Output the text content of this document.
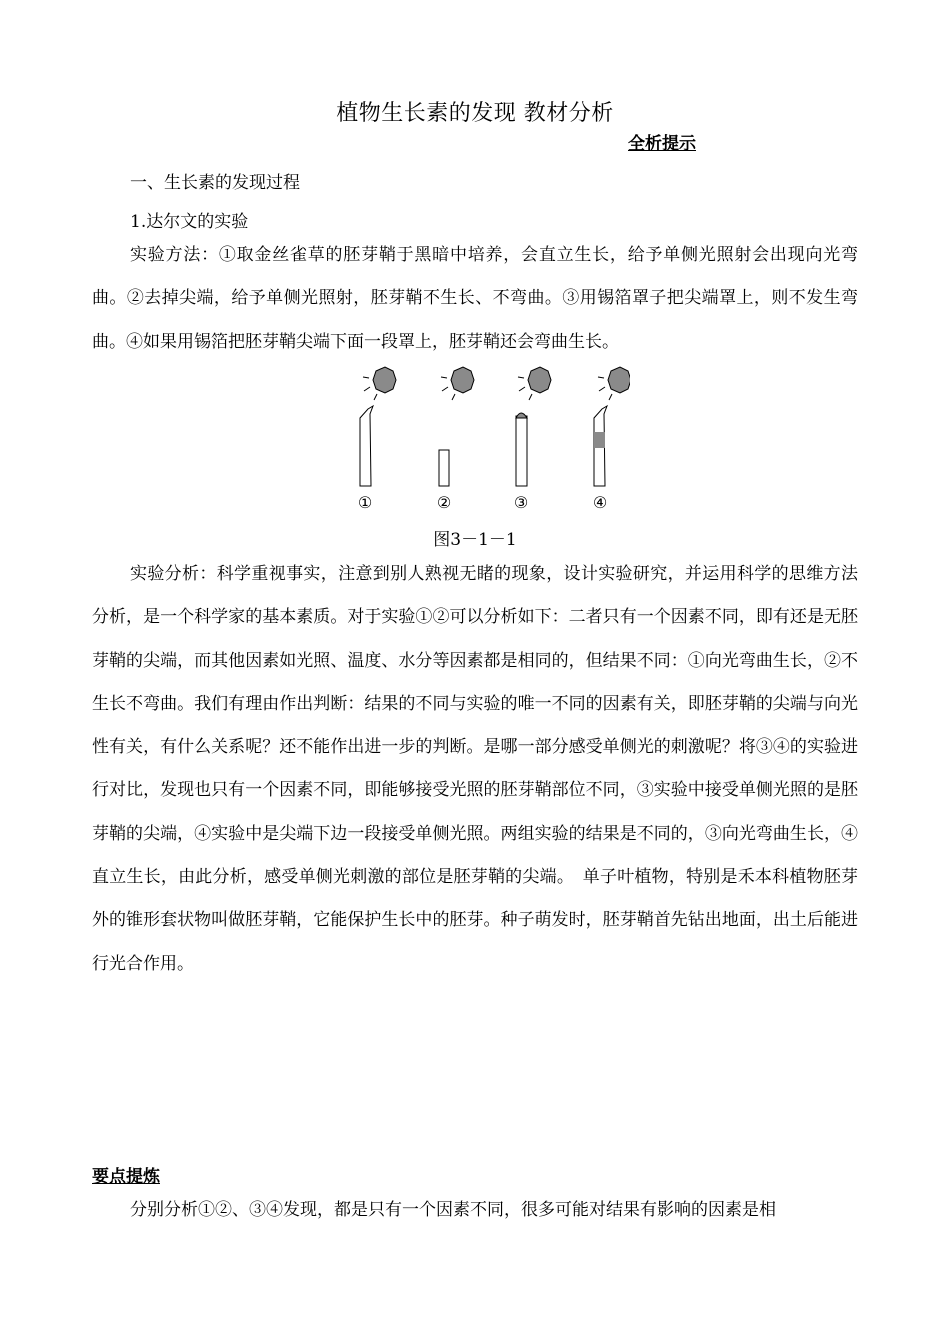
植物生长素的发现 教材分析
全析提示
一、生长素的发现过程
1.达尔文的实验
实验方法：①取金丝雀草的胚芽鞘于黑暗中培养，会直立生长，给予单侧光照射会出现向光弯曲。②去掉尖端，给予单侧光照射，胚芽鞘不生长、不弯曲。③用锡箔罩子把尖端罩上，则不发生弯曲。④如果用锡箔把胚芽鞘尖端下面一段罩上，胚芽鞘还会弯曲生长。
①	②	③	④
图3－1－1
实验分析：科学重视事实，注意到别人熟视无睹的现象，设计实验研究，并运用科学的思维方法分析，是一个科学家的基本素质。对于实验①②可以分析如下：二者只有一个因素不同，即有还是无胚芽鞘的尖端，而其他因素如光照、温度、水分等因素都是相同的，但结果不同：①向光弯曲生长，②不生长不弯曲。我们有理由作出判断：结果的不同与实验的唯一不同的因素有关，即胚芽鞘的尖端与向光性有关，有什么关系呢？还不能作出进一步的判断。是哪一部分感受单侧光的刺激呢？将③④的实验进行对比，发现也只有一个因素不同，即能够接受光照的胚芽鞘部位不同，③实验中接受单侧光照的是胚芽鞘的尖端，④实验中是尖端下边一段接受单侧光照。两组实验的结果是不同的，③向光弯曲生长，④直立生长，由此分析，感受单侧光刺激的部位是胚芽鞘的尖端。　单子叶植物，特别是禾本科植物胚芽外的锥形套状物叫做胚芽鞘，它能保护生长中的胚芽。种子萌发时，胚芽鞘首先钻出地面，出土后能进行光合作用。
要点提炼
分别分析①②、③④发现，都是只有一个因素不同，很多可能对结果有影响的因素是相
